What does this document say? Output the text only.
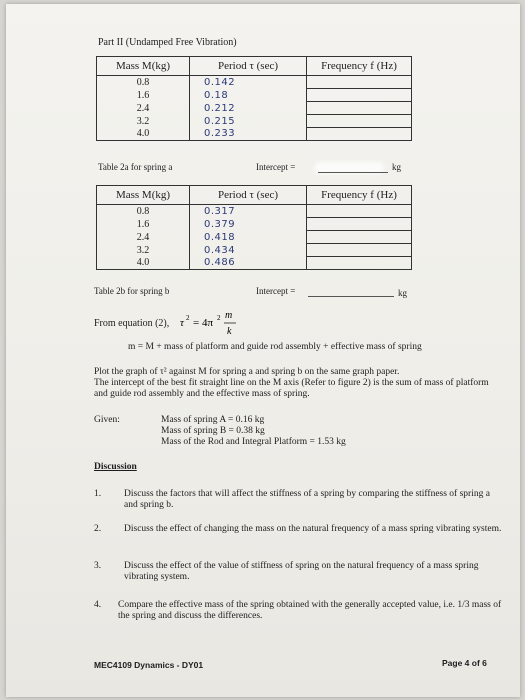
Part II (Undamped Free Vibration)
Mass M(kg)	Period τ (sec)	Frequency f (Hz)
0.8	0.142	
1.6	0.18	
2.4	0.212	
3.2	0.215	
4.0	0.233	
Table 2a for spring a	Intercept =	kg
Mass M(kg)	Period τ (sec)	Frequency f (Hz)
0.8	0.317	
1.6	0.379	
2.4	0.418	
3.2	0.434	
4.0	0.486	
Table 2b for spring b	Intercept =	kg
From equation (2), τ 2 = 4π 2 m
k
m = M + mass of platform and guide rod assembly + effective mass of spring
Plot the graph of τ² against M for spring a and spring b on the same graph paper.
The intercept of the best fit straight line on the M axis (Refer to figure 2) is the sum of mass of platform and guide rod assembly and the effective mass of spring.
Given:	Mass of spring A = 0.16 kg
Mass of spring B = 0.38 kg
Mass of the Rod and Integral Platform = 1.53 kg
Discussion
1. Discuss the factors that will affect the stiffness of a spring by comparing the stiffness of spring a and spring b.
2. Discuss the effect of changing the mass on the natural frequency of a mass spring vibrating system.
3. Discuss the effect of the value of stiffness of spring on the natural frequency of a mass spring vibrating system.
4. Compare the effective mass of the spring obtained with the generally accepted value, i.e. 1/3 mass of the spring and discuss the differences.
MEC4109 Dynamics - DY01	Page 4 of 6
